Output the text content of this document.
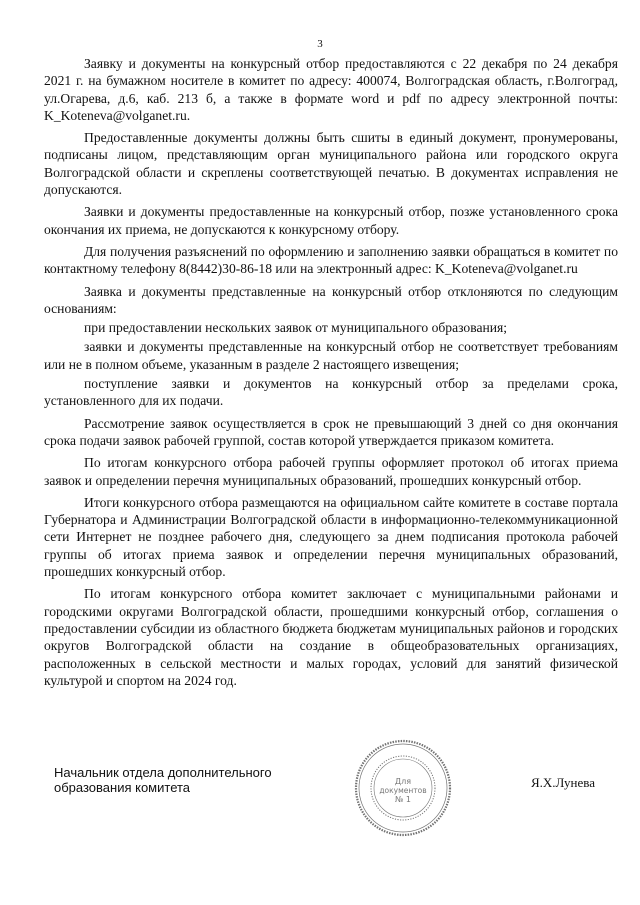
3

Заявку и документы на конкурсный отбор предоставляются с 22 декабря по 24 декабря 2021 г. на бумажном носителе в комитет по адресу: 400074, Волгоградская область, г.Волгоград, ул.Огарева, д.6, каб. 213 б, а также в формате word и pdf по адресу электронной почты: K_Koteneva@volganet.ru.

Предоставленные документы должны быть сшиты в единый документ, пронумерованы, подписаны лицом, представляющим орган муниципального района или городского округа Волгоградской области и скреплены соответствующей печатью. В документах исправления не допускаются.

Заявки и документы предоставленные на конкурсный отбор, позже установленного срока окончания их приема, не допускаются к конкурсному отбору.

Для получения разъяснений по оформлению и заполнению заявки обращаться в комитет по контактному телефону 8(8442)30-86-18 или на электронный адрес: K_Koteneva@volganet.ru

Заявка и документы представленные на конкурсный отбор отклоняются по следующим основаниям:

при предоставлении нескольких заявок от муниципального образования;

заявки и документы представленные на конкурсный отбор не соответствует требованиям или не в полном объеме, указанным в разделе 2 настоящего извещения;

поступление заявки и документов на конкурсный отбор за пределами срока, установленного для их подачи.

Рассмотрение заявок осуществляется в срок не превышающий 3 дней со дня окончания срока подачи заявок рабочей группой, состав которой утверждается приказом комитета.

По итогам конкурсного отбора рабочей группы оформляет протокол об итогах приема заявок и определении перечня муниципальных образований, прошедших конкурсный отбор.

Итоги конкурсного отбора размещаются на официальном сайте комитете в составе портала Губернатора и Администрации Волгоградской области в информационно-телекоммуникационной сети Интернет не позднее рабочего дня, следующего за днем подписания протокола рабочей группы об итогах приема заявок и определении перечня муниципальных образований, прошедших конкурсный отбор.

По итогам конкурсного отбора комитет заключает с муниципальными районами и городскими округами Волгоградской области, прошедшими конкурсный отбор, соглашения о предоставлении субсидии из областного бюджета бюджетам муниципальных районов и городских округов Волгоградской области на создание в общеобразовательных организациях, расположенных в сельской местности и малых городах, условий для занятий физической культурой и спортом на 2024 год.

Начальник отдела дополнительного
образования комитета	Для
документов
№ 1
Я.Х.Лунева
